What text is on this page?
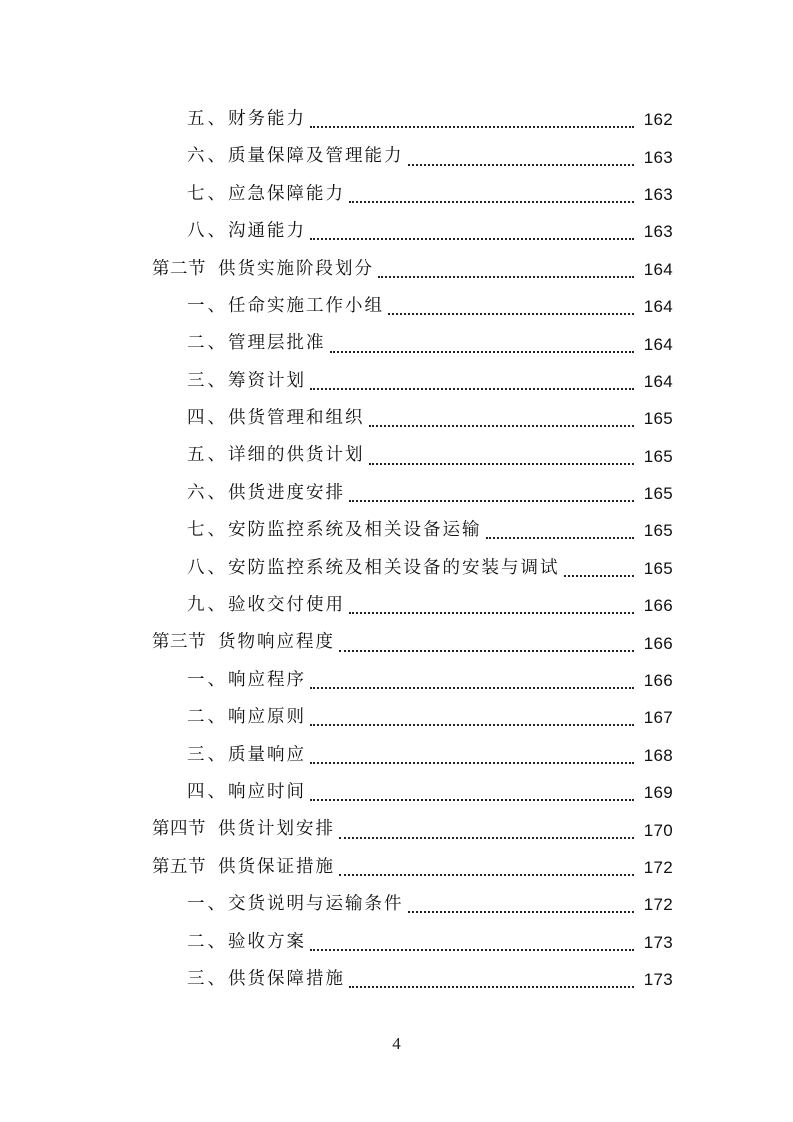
五、 财务能力	162
六、 质量保障及管理能力	163
七、 应急保障能力	163
八、 沟通能力	163
第二节 供货实施阶段划分	164
一、 任命实施工作小组	164
二、 管理层批准	164
三、 筹资计划	164
四、 供货管理和组织	165
五、 详细的供货计划	165
六、 供货进度安排	165
七、 安防监控系统及相关设备运输	165
八、 安防监控系统及相关设备的安装与调试	165
九、 验收交付使用	166
第三节 货物响应程度	166
一、 响应程序	166
二、 响应原则	167
三、 质量响应	168
四、 响应时间	169
第四节 供货计划安排	170
第五节 供货保证措施	172
一、 交货说明与运输条件	172
二、 验收方案	173
三、 供货保障措施	173
4
